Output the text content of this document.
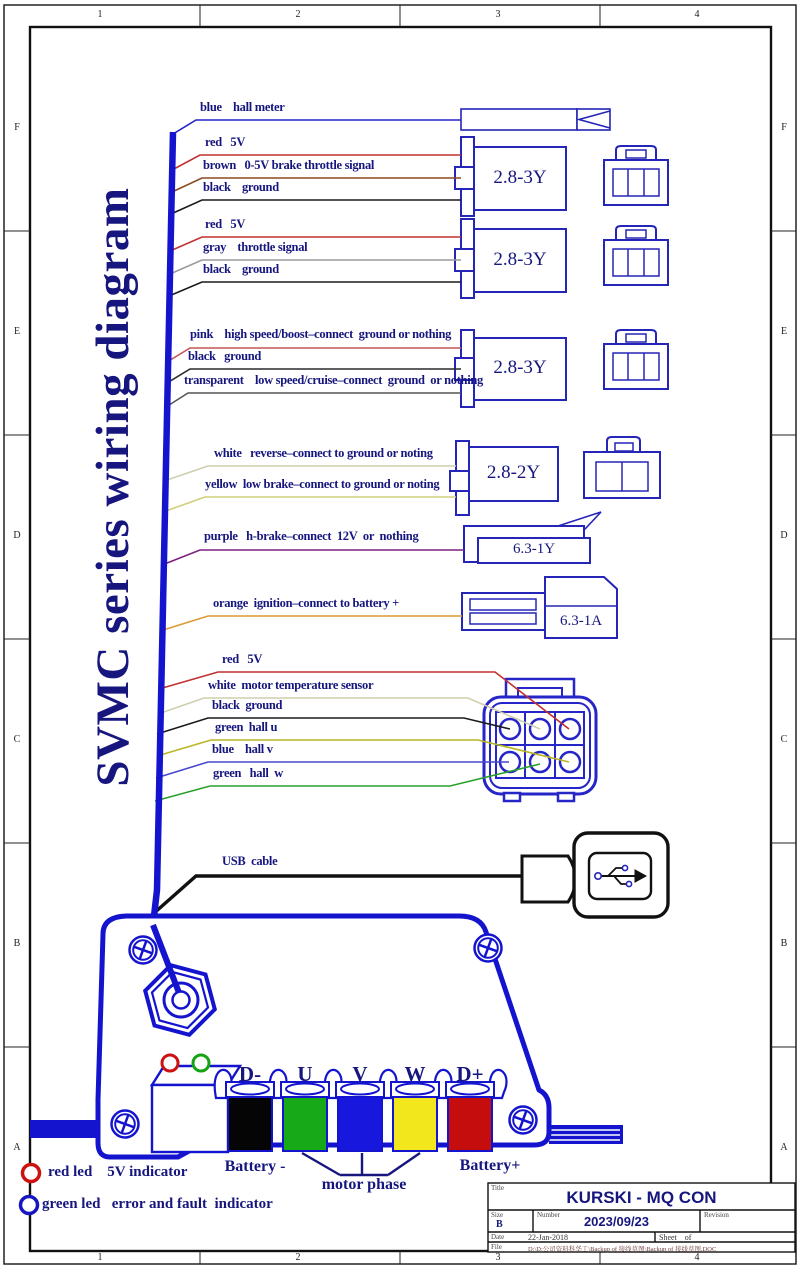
1	2	3	4
1	2	3	4
F
E
D
C
B
A
F
E
D
C
B
A
SVMC series wiring diagram
blue    hall meter
red   5V
brown   0-5V brake throttle signal
black    ground
red   5V
gray    throttle signal
black    ground
pink    high speed/boost–connect  ground or nothing
black   ground
transparent    low speed/cruise–connect  ground  or nothing
white   reverse–connect to ground or noting
yellow  low brake–connect to ground or noting
purple   h-brake–connect  12V  or  nothing
orange  ignition–connect to battery +
red   5V
white  motor temperature sensor
black  ground
green  hall u
blue    hall v
green   hall  w
USB  cable
2.8-3Y
2.8-3Y
2.8-3Y
2.8-2Y
6.3-1Y
6.3-1A
D-	U	V	W	D+
Battery -
motor phase
Battery+
red led    5V indicator
green led   error and fault  indicator
Title	KURSKI - MQ CON
Size
B
Number	2023/09/23	Revision
Date	22-Jan-2018	Sheet    of
File	D:\D:公司资料科华工\Backup of 接线草图\Backup of 接线草图.DOC
